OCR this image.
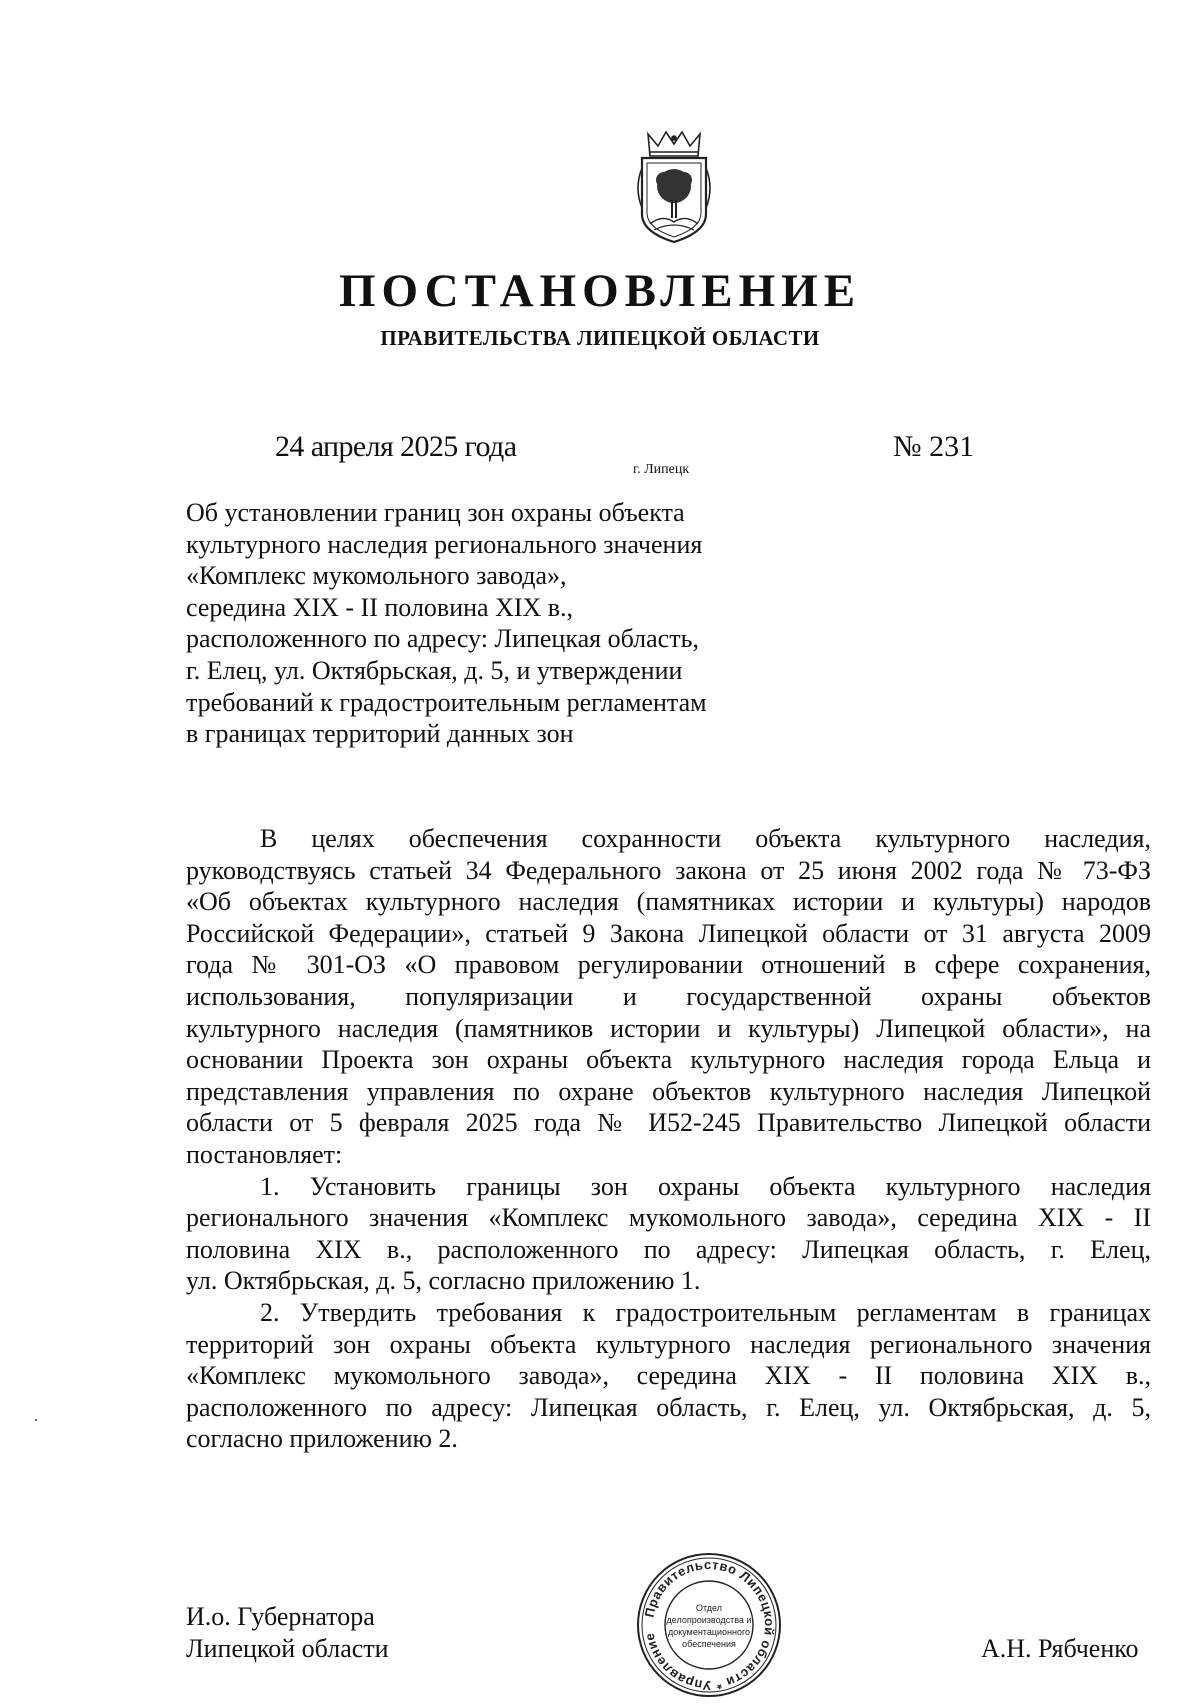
ПОСТАНОВЛЕНИЕ
ПРАВИТЕЛЬСТВА ЛИПЕЦКОЙ ОБЛАСТИ
24 апреля 2025 года
г. Липецк
№ 231
Об установлении границ зон охраны объекта
культурного наследия регионального значения
«Комплекс мукомольного завода»,
середина XIX - II половина XIX в.,
расположенного по адресу: Липецкая область,
г. Елец, ул. Октябрьская, д. 5, и утверждении
требований к градостроительным регламентам
в границах территорий данных зон
В целях обеспечения сохранности объекта культурного наследия,
руководствуясь статьей 34 Федерального закона от 25 июня 2002 года № 73-ФЗ
«Об объектах культурного наследия (памятниках истории и культуры) народов
Российской Федерации», статьей 9 Закона Липецкой области от 31 августа 2009
года № 301-ОЗ «О правовом регулировании отношений в сфере сохранения,
использования, популяризации и государственной охраны объектов
культурного наследия (памятников истории и культуры) Липецкой области», на
основании Проекта зон охраны объекта культурного наследия города Ельца и
представления управления по охране объектов культурного наследия Липецкой
области от 5 февраля 2025 года № И52-245 Правительство Липецкой области
постановляет:
1. Установить границы зон охраны объекта культурного наследия
регионального значения «Комплекс мукомольного завода», середина XIX - II
половина XIX в., расположенного по адресу: Липецкая область, г. Елец,
ул. Октябрьская, д. 5, согласно приложению 1.
2. Утвердить требования к градостроительным регламентам в границах
территорий зон охраны объекта культурного наследия регионального значения
«Комплекс мукомольного завода», середина XIX - II половина XIX в.,
расположенного по адресу: Липецкая область, г. Елец, ул. Октябрьская, д. 5,
согласно приложению 2.
И.о. Губернатора
Липецкой области
Правительство Липецкой области * Управление
Отдел
делопроизводства и
документационного
обеспечения	А.Н. Рябченко
